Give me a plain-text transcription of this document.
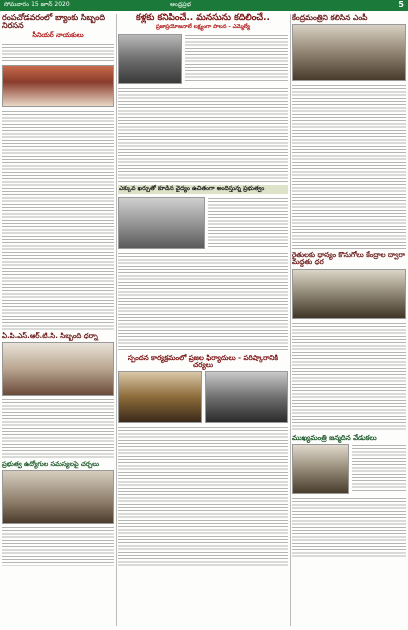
సోమవారం 15 జూన్ 2020	ఆంధ్రప్రభ	5
రంపచోడవరంలో బ్యాంకు సిబ్బంది నిరసన
సీనియర్ నాయకులు
ఏ.పి.ఎస్.ఆర్.టి.సి. సిబ్బంది ధర్నా
ప్రభుత్వ ఉద్యోగుల సమస్యలపై చర్చలు
కళ్లకు కనిపించే.. మనసును కదిలించే..
ప్రజాప్రయోజనాలే లక్ష్యంగా పాలన - ఎమ్మెల్యే
ఎక్కువ ఖర్చుతో కూడిన వైద్యం ఉచితంగా అందిస్తున్న ప్రభుత్వం
స్పందన కార్యక్రమంలో ప్రజల ఫిర్యాదులు - పరిష్కారానికి చర్యలు
కేంద్రమంత్రిని కలిసిన ఎంపీ
రైతులకు ధాన్యం కొనుగోలు కేంద్రాల ద్వారా మద్దతు ధర
ముఖ్యమంత్రి జన్మదిన వేడుకలు
